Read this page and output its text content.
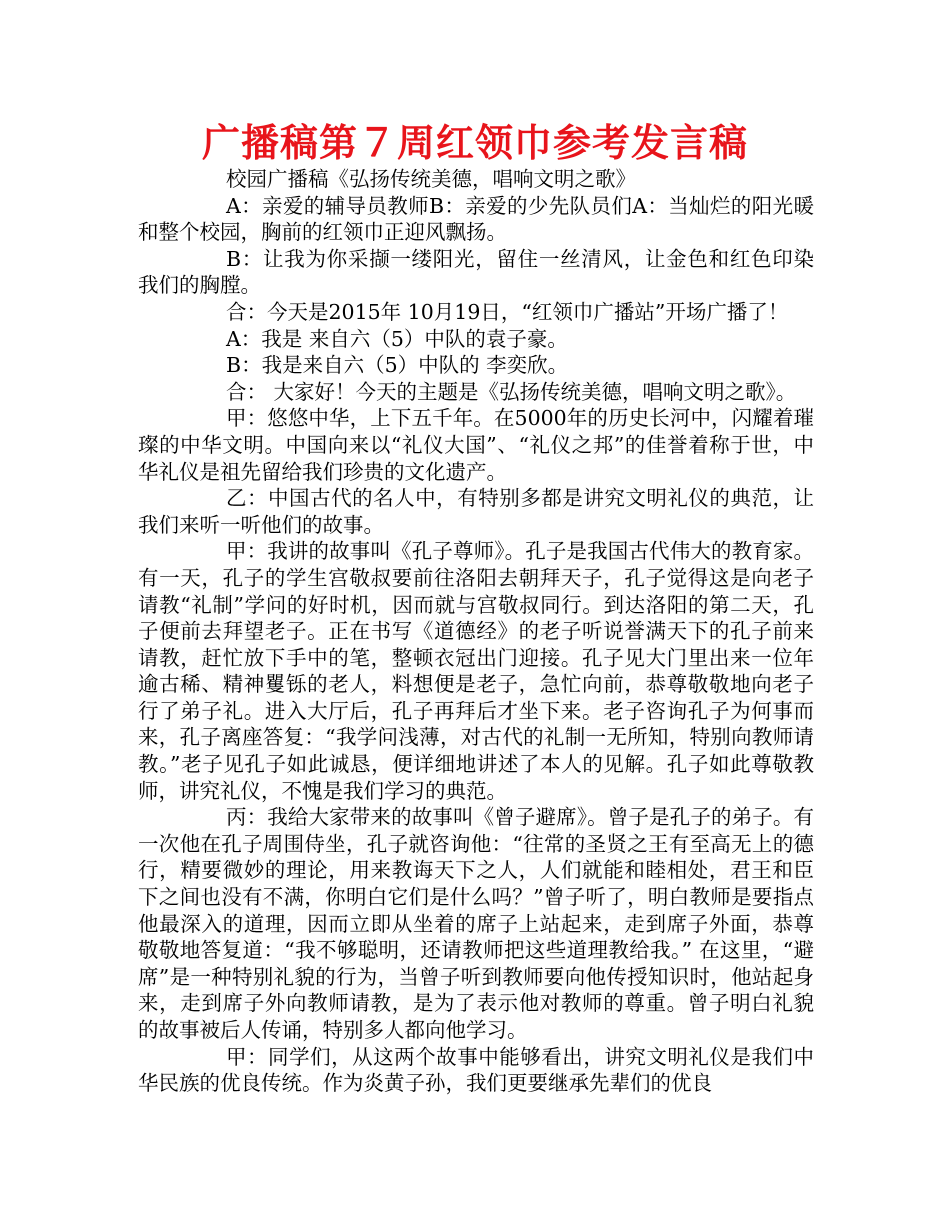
广播稿第７周红领巾参考发言稿

校园广播稿《弘扬传统美德，唱响文明之歌》

A：亲爱的辅导员教师B：亲爱的少先队员们A：当灿烂的阳光暖和整个校园，胸前的红领巾正迎风飘扬。

B：让我为你采撷一缕阳光，留住一丝清风，让金色和红色印染我们的胸膛。

合：今天是2015年 10月19日，“红领巾广播站”开场广播了！

A：我是 来自六（5）中队的袁子豪。

B：我是来自六（5）中队的 李奕欣。

合： 大家好！今天的主题是《弘扬传统美德，唱响文明之歌》。

甲：悠悠中华，上下五千年。在5000年的历史长河中，闪耀着璀璨的中华文明。中国向来以“礼仪大国”、“礼仪之邦”的佳誉着称于世，中华礼仪是祖先留给我们珍贵的文化遗产。

乙：中国古代的名人中，有特别多都是讲究文明礼仪的典范，让我们来听一听他们的故事。

甲：我讲的故事叫《孔子尊师》。孔子是我国古代伟大的教育家。有一天，孔子的学生宫敬叔要前往洛阳去朝拜天子，孔子觉得这是向老子请教“礼制”学问的好时机，因而就与宫敬叔同行。到达洛阳的第二天，孔子便前去拜望老子。正在书写《道德经》的老子听说誉满天下的孔子前来请教，赶忙放下手中的笔，整顿衣冠出门迎接。孔子见大门里出来一位年逾古稀、精神矍铄的老人，料想便是老子，急忙向前，恭尊敬敬地向老子行了弟子礼。进入大厅后，孔子再拜后才坐下来。老子咨询孔子为何事而来，孔子离座答复：“我学问浅薄，对古代的礼制一无所知，特别向教师请教。”老子见孔子如此诚恳，便详细地讲述了本人的见解。孔子如此尊敬教师，讲究礼仪，不愧是我们学习的典范。

丙：我给大家带来的故事叫《曾子避席》。曾子是孔子的弟子。有一次他在孔子周围侍坐，孔子就咨询他：“往常的圣贤之王有至高无上的德行，精要微妙的理论，用来教诲天下之人，人们就能和睦相处，君王和臣下之间也没有不满，你明白它们是什么吗？”曾子听了，明白教师是要指点他最深入的道理，因而立即从坐着的席子上站起来，走到席子外面，恭尊敬敬地答复道：“我不够聪明，还请教师把这些道理教给我。” 在这里，“避席”是一种特别礼貌的行为，当曾子听到教师要向他传授知识时，他站起身来，走到席子外向教师请教，是为了表示他对教师的尊重。曾子明白礼貌的故事被后人传诵，特别多人都向他学习。

甲：同学们，从这两个故事中能够看出，讲究文明礼仪是我们中华民族的优良传统。作为炎黄子孙，我们更要继承先辈们的优良
